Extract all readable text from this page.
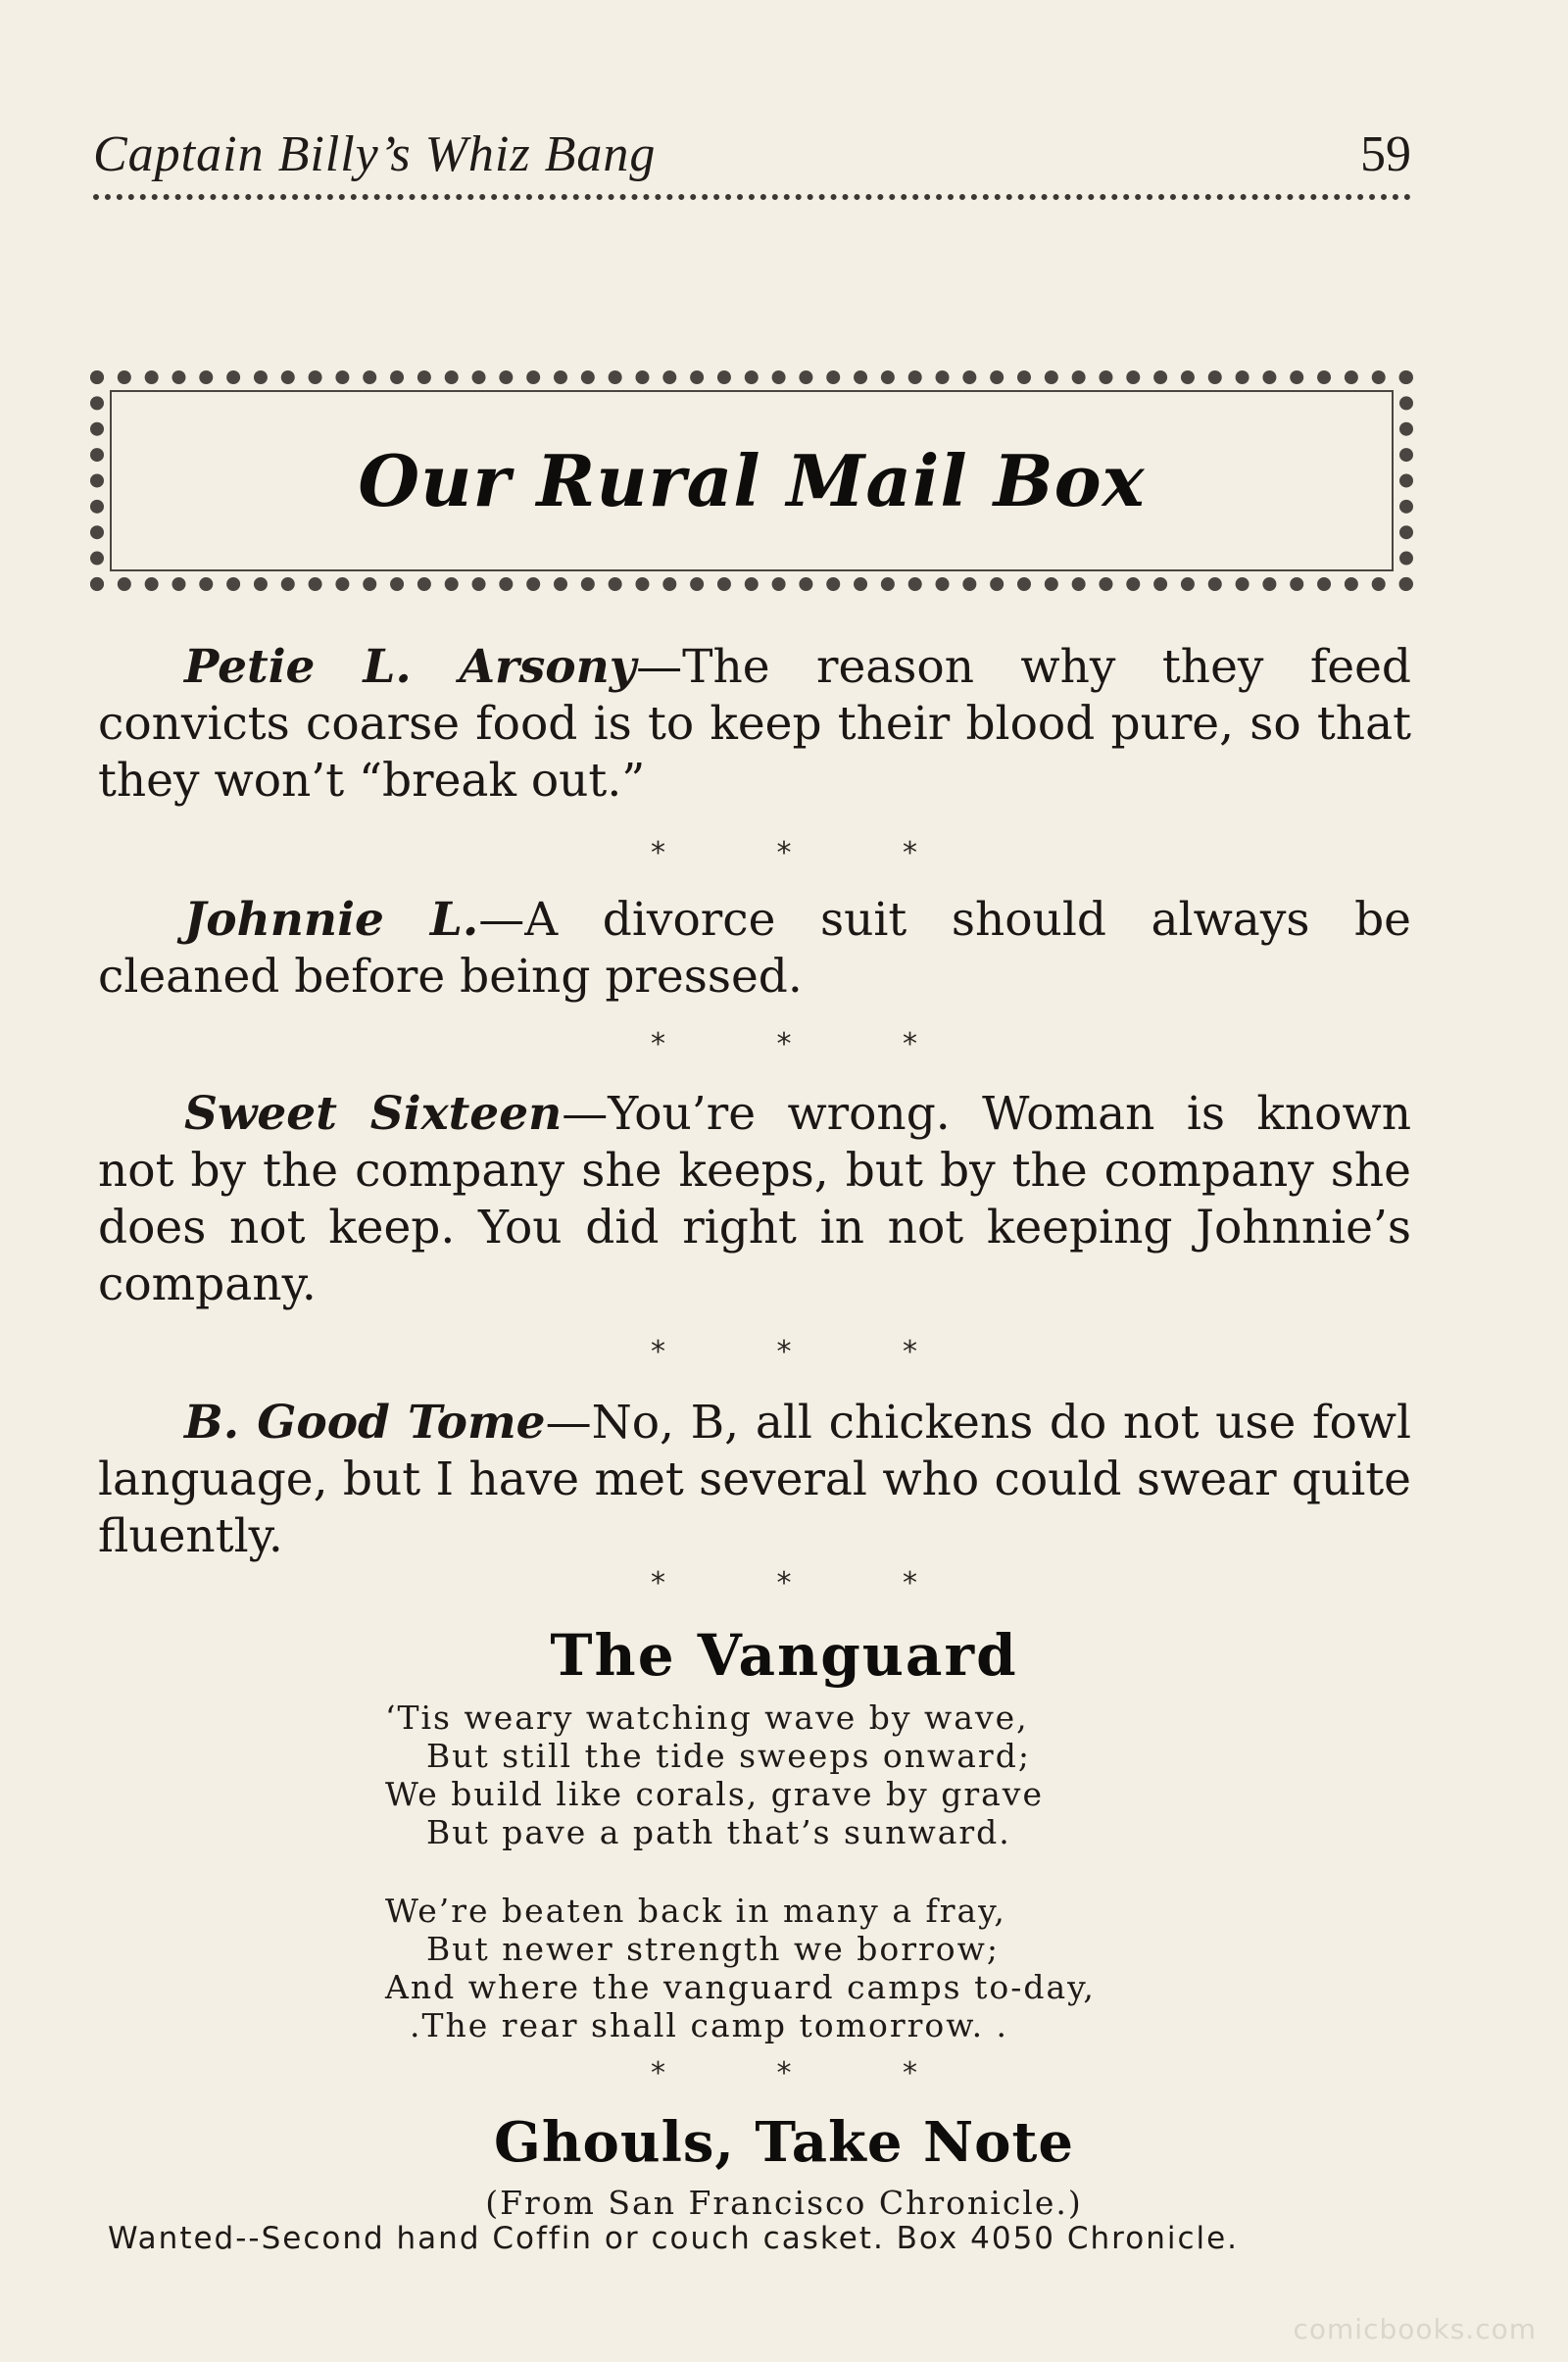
Captain Billy’s Whiz Bang	59
Our Rural Mail Box
Petie L. Arsony—The reason why they feed convicts coarse food is to keep their blood pure, so that they won’t “break out.”
* * *
Johnnie L.—A divorce suit should always be cleaned before being pressed.
* * *
Sweet Sixteen—You’re wrong. Woman is known not by the company she keeps, but by the company she does not keep. You did right in not keeping Johnnie’s company.
* * *
B. Good Tome—No, B, all chickens do not use fowl language, but I have met several who could swear quite fluently.
* * *
The Vanguard
‘Tis weary watching wave by wave,
But still the tide sweeps onward;
We build like corals, grave by grave
But pave a path that’s sunward.
We’re beaten back in many a fray,
But newer strength we borrow;
And where the vanguard camps to-day,
.The rear shall camp tomorrow. .
* * *
Ghouls, Take Note
(From San Francisco Chronicle.)
Wanted--Second hand Coffin or couch casket. Box 4050 Chronicle.
comicbooks.com
